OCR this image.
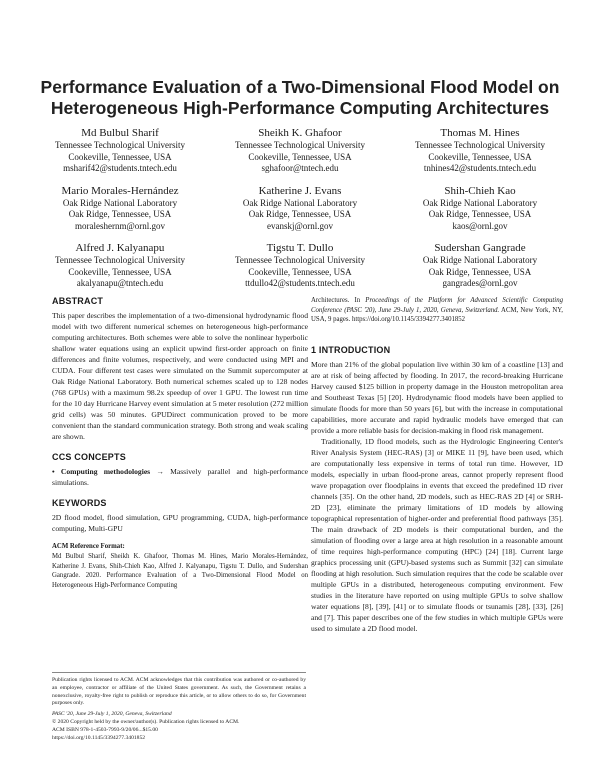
Performance Evaluation of a Two-Dimensional Flood Model on Heterogeneous High-Performance Computing Architectures
Md Bulbul Sharif
Tennessee Technological University
Cookeville, Tennessee, USA
msharif42@students.tntech.edu
Sheikh K. Ghafoor
Tennessee Technological University
Cookeville, Tennessee, USA
sghafoor@tntech.edu
Thomas M. Hines
Tennessee Technological University
Cookeville, Tennessee, USA
tnhines42@students.tntech.edu
Mario Morales-Hernández
Oak Ridge National Laboratory
Oak Ridge, Tennessee, USA
moraleshernm@ornl.gov
Katherine J. Evans
Oak Ridge National Laboratory
Oak Ridge, Tennessee, USA
evanskj@ornl.gov
Shih-Chieh Kao
Oak Ridge National Laboratory
Oak Ridge, Tennessee, USA
kaos@ornl.gov
Alfred J. Kalyanapu
Tennessee Technological University
Cookeville, Tennessee, USA
akalyanapu@tntech.edu
Tigstu T. Dullo
Tennessee Technological University
Cookeville, Tennessee, USA
ttdullo42@students.tntech.edu
Sudershan Gangrade
Oak Ridge National Laboratory
Oak Ridge, Tennessee, USA
gangrades@ornl.gov
ABSTRACT

This paper describes the implementation of a two-dimensional hydrodynamic flood model with two different numerical schemes on heterogeneous high-performance computing architectures. Both schemes were able to solve the nonlinear hyperbolic shallow water equations using an explicit upwind first-order approach on finite differences and finite volumes, respectively, and were conducted using MPI and CUDA. Four different test cases were simulated on the Summit supercomputer at Oak Ridge National Laboratory. Both numerical schemes scaled up to 128 nodes (768 GPUs) with a maximum 98.2x speedup of over 1 GPU. The lowest run time for the 10 day Hurricane Harvey event simulation at 5 meter resolution (272 million grid cells) was 50 minutes. GPUDirect communication proved to be more convenient than the standard communication strategy. Both strong and weak scaling are shown.

CCS CONCEPTS

• Computing methodologies → Massively parallel and high-performance simulations.

KEYWORDS

2D flood model, flood simulation, GPU programming, CUDA, high-performance computing, Multi-GPU

ACM Reference Format:

Md Bulbul Sharif, Sheikh K. Ghafoor, Thomas M. Hines, Mario Morales-Hernández, Katherine J. Evans, Shih-Chieh Kao, Alfred J. Kalyanapu, Tigstu T. Dullo, and Sudershan Gangrade. 2020. Performance Evaluation of a Two-Dimensional Flood Model on Heterogeneous High-Performance Computing

Publication rights licensed to ACM. ACM acknowledges that this contribution was authored or co-authored by an employee, contractor or affiliate of the United States government. As such, the Government retains a nonexclusive, royalty-free right to publish or reproduce this article, or to allow others to do so, for Government purposes only.

PASC '20, June 29-July 1, 2020, Geneva, Switzerland
© 2020 Copyright held by the owner/author(s). Publication rights licensed to ACM.
ACM ISBN 978-1-4503-7993-9/20/06...$15.00
https://doi.org/10.1145/3394277.3401852

Architectures. In Proceedings of the Platform for Advanced Scientific Computing Conference (PASC '20), June 29-July 1, 2020, Geneva, Switzerland. ACM, New York, NY, USA, 9 pages. https://doi.org/10.1145/3394277.3401852

1 INTRODUCTION

More than 21% of the global population live within 30 km of a coastline [13] and are at risk of being affected by flooding. In 2017, the record-breaking Hurricane Harvey caused $125 billion in property damage in the Houston metropolitan area and Southeast Texas [5] [20]. Hydrodynamic flood models have been applied to simulate floods for more than 50 years [6], but with the increase in computational capabilities, more accurate and rapid hydraulic models have emerged that can provide a more reliable basis for decision-making in flood risk management.

Traditionally, 1D flood models, such as the Hydrologic Engineering Center's River Analysis System (HEC-RAS) [3] or MIKE 11 [9], have been used, which are computationally less expensive in terms of total run time. However, 1D models, especially in urban flood-prone areas, cannot properly represent flood wave propagation over floodplains in events that exceed the predefined 1D river channels [35]. On the other hand, 2D models, such as HEC-RAS 2D [4] or SRH-2D [23], eliminate the primary limitations of 1D models by allowing topographical representation of higher-order and preferential flood pathways [35]. The main drawback of 2D models is their computational burden, and the simulation of flooding over a large area at high resolution in a reasonable amount of time requires high-performance computing (HPC) [24] [18]. Current large graphics processing unit (GPU)-based systems such as Summit [32] can simulate flooding at high resolution. Such simulation requires that the code be scalable over multiple GPUs in a distributed, heterogeneous computing environment. Few studies in the literature have reported on using multiple GPUs to solve shallow water equations [8], [39], [41] or to simulate floods or tsunamis [28], [33], [26] and [7]. This paper describes one of the few studies in which multiple GPUs were used to simulate a 2D flood model.
